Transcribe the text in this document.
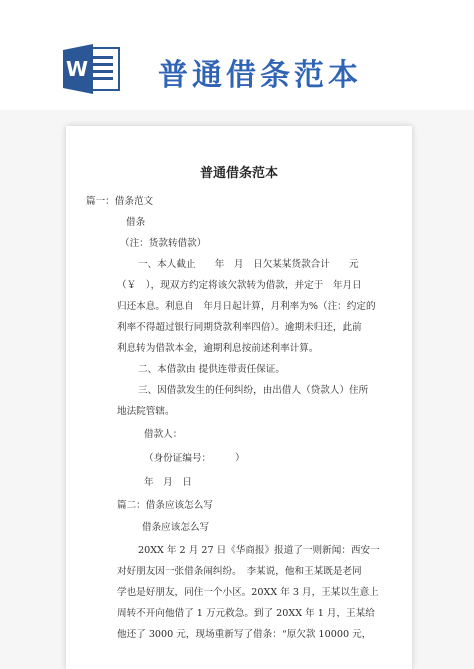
W 普通借条范本
普通借条范本
篇一：借条范文
借条
（注：货款转借款）
一、本人截止　　年　月　日欠某某货款合计　　元
（￥　），现双方约定将该欠款转为借款，并定于　年月日
归还本息。利息自　年月日起计算，月利率为%（注：约定的
利率不得超过银行同期贷款利率四倍）。逾期未归还，此前
利息转为借款本金，逾期利息按前述利率计算。
二、本借款由 提供连带责任保证。
三、因借款发生的任何纠纷，由出借人（贷款人）住所
地法院管辖。
借款人：
（身份证编号：　　　）
年　月　日
篇二：借条应该怎么写
借条应该怎么写
20XX 年 2 月 27 日《华商报》报道了一则新闻：西安一
对好朋友因一张借条闹纠纷。　李某说，他和王某既是老同
学也是好朋友，同住一个小区。20XX 年 3 月，王某以生意上
周转不开向他借了 1 万元救急。到了 20XX 年 1 月，王某给
他还了 3000 元，现场重新写了借条：“原欠款 10000 元，
